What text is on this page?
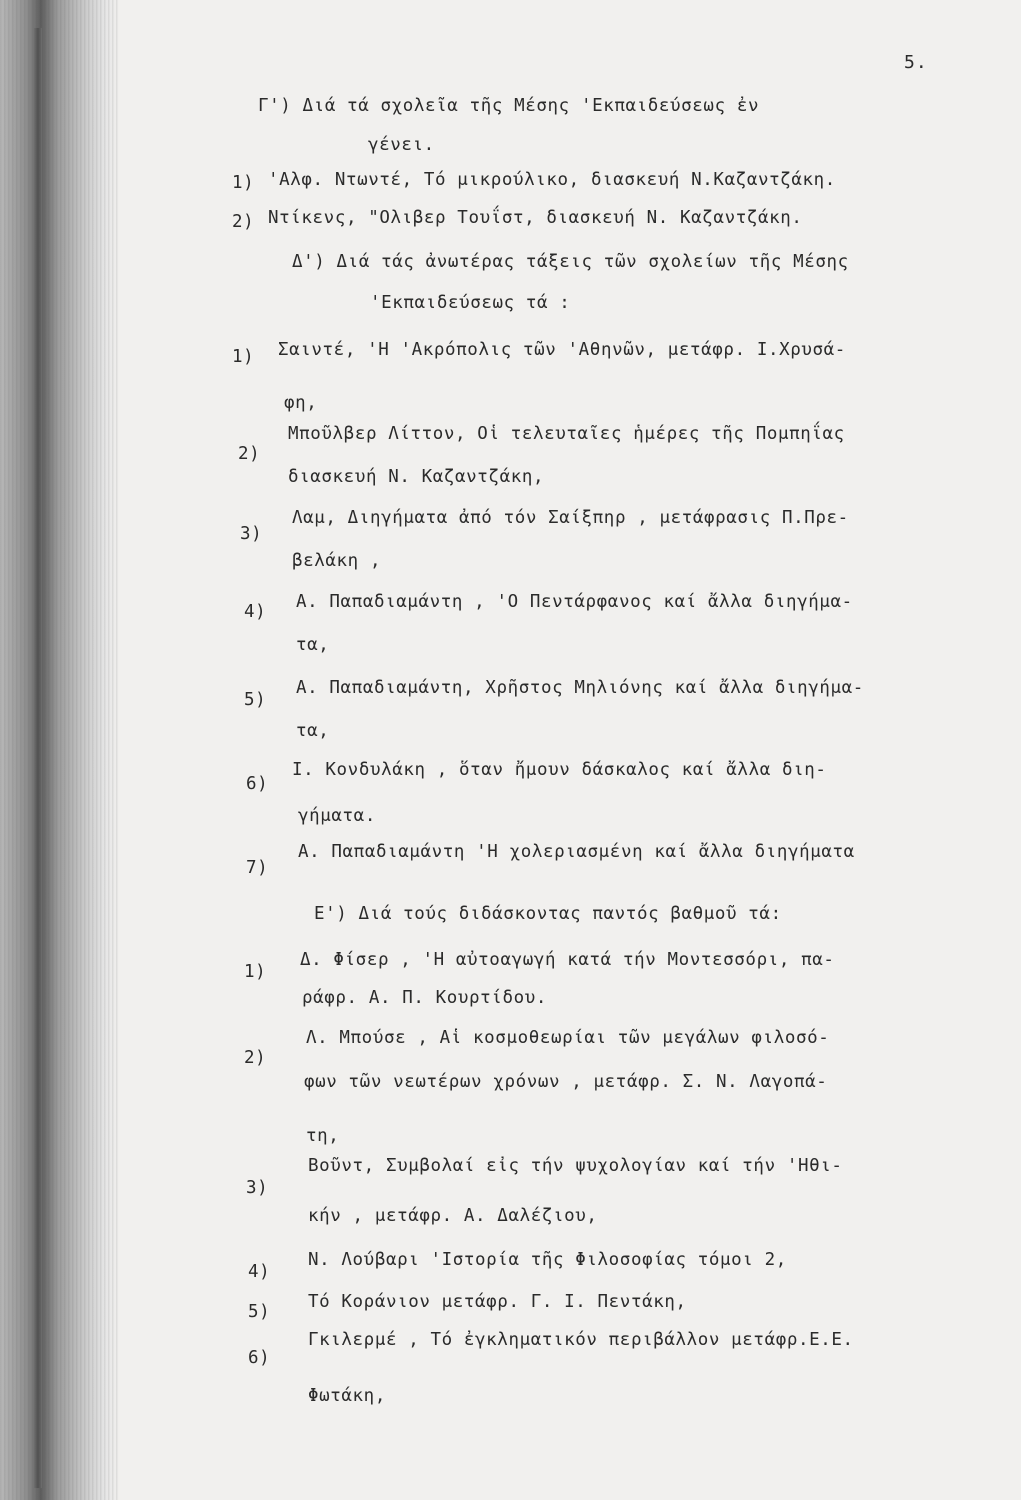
5.
Γ') Διά τά σχολεῖα τῆς Μέσης 'Εκπαιδεύσεως ἐν
γένει.
1) 'Αλφ. Ντωντέ, Τό μικρούλικο, διασκευή Ν.Καζαντζάκη.
2) Ντίκενς, "Ολιβερ Τουΐστ, διασκευή Ν. Καζαντζάκη.
Δ') Διά τάς ἀνωτέρας τάξεις τῶν σχολείων τῆς Μέσης
'Εκπαιδεύσεως τά :
1) Σαιντέ, 'Η 'Ακρόπολις τῶν 'Αθηνῶν, μετάφρ. Ι.Χρυσά-
φη,
2)
Μποῦλβερ Λίττον, Οἱ τελευταῖες ἡμέρες τῆς Πομπηΐας
διασκευή Ν. Καζαντζάκη,
3)
Λαμ, Διηγήματα ἀπό τόν Σαίξπηρ , μετάφρασις Π.Πρε-
βελάκη ,
4) Α. Παπαδιαμάντη , 'Ο Πεντάρφανος καί ἄλλα διηγήμα-
τα,
5)
Α. Παπαδιαμάντη, Χρῆστος Μηλιόνης καί ἄλλα διηγήμα-
τα,
6)
Ι. Κονδυλάκη , ὅταν ἤμουν δάσκαλος καί ἄλλα διη-
γήματα.
7)
Α. Παπαδιαμάντη 'Η χολεριασμένη καί ἄλλα διηγήματα
Ε') Διά τούς διδάσκοντας παντός βαθμοῦ τά:
1)
Δ. Φίσερ , 'Η αὐτοαγωγή κατά τήν Μοντεσσόρι, πα-
ράφρ. Α. Π. Κουρτίδου.
2)
Λ. Μπούσε , Αἱ κοσμοθεωρίαι τῶν μεγάλων φιλοσό-
φων τῶν νεωτέρων χρόνων , μετάφρ. Σ. Ν. Λαγοπά-
τη,
3)
Βοῦντ, Συμβολαί εἰς τήν ψυχολογίαν καί τήν 'Ηθι-
κήν , μετάφρ. Α. Δαλέζιου,
4)
Ν. Λούβαρι 'Ιστορία τῆς Φιλοσοφίας τόμοι 2,
5) Τό Κοράνιον μετάφρ. Γ. Ι. Πεντάκη,
6)
Γκιλερμέ , Τό ἐγκληματικόν περιβάλλον μετάφρ.Ε.Ε.
Φωτάκη,
